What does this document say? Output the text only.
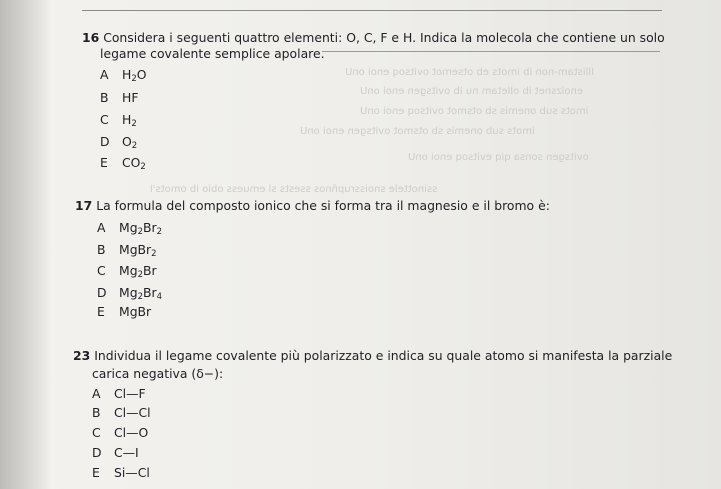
Illistam-non ib imots eb otsemot ovitsoq enoi onU
enoizsnet ib olletam nu ib ovitsgen enoi onU
imots sub onemis sb otsmot ovitsoq enoi onU
imots sub onemis sb otsmot ovitsgen enoi onU
ovitsgen sonsa qiq evitsoq enoi onU
ssinottele snoissrupñnos ssests sl emuess obio ib omots'l
16 Considera i seguenti quattro elementi: O, C, F e H. Indica la molecola che contiene un solo
legame covalente semplice apolare.
A $H_2O$
B HF
C $H_2$
D $O_2$
E $CO_2$
17 La formula del composto ionico che si forma tra il magnesio e il bromo è:
A $Mg_2Br_2$
B MgBr$_2$
C $Mg_2Br$
D $Mg_2Br_4$
E MgBr
23 Individua il legame covalente più polarizzato e indica su quale atomo si manifesta la parziale
carica negativa (δ−):
A Cl—F
B Cl—Cl
C Cl—O
D C—I
E Si—Cl
